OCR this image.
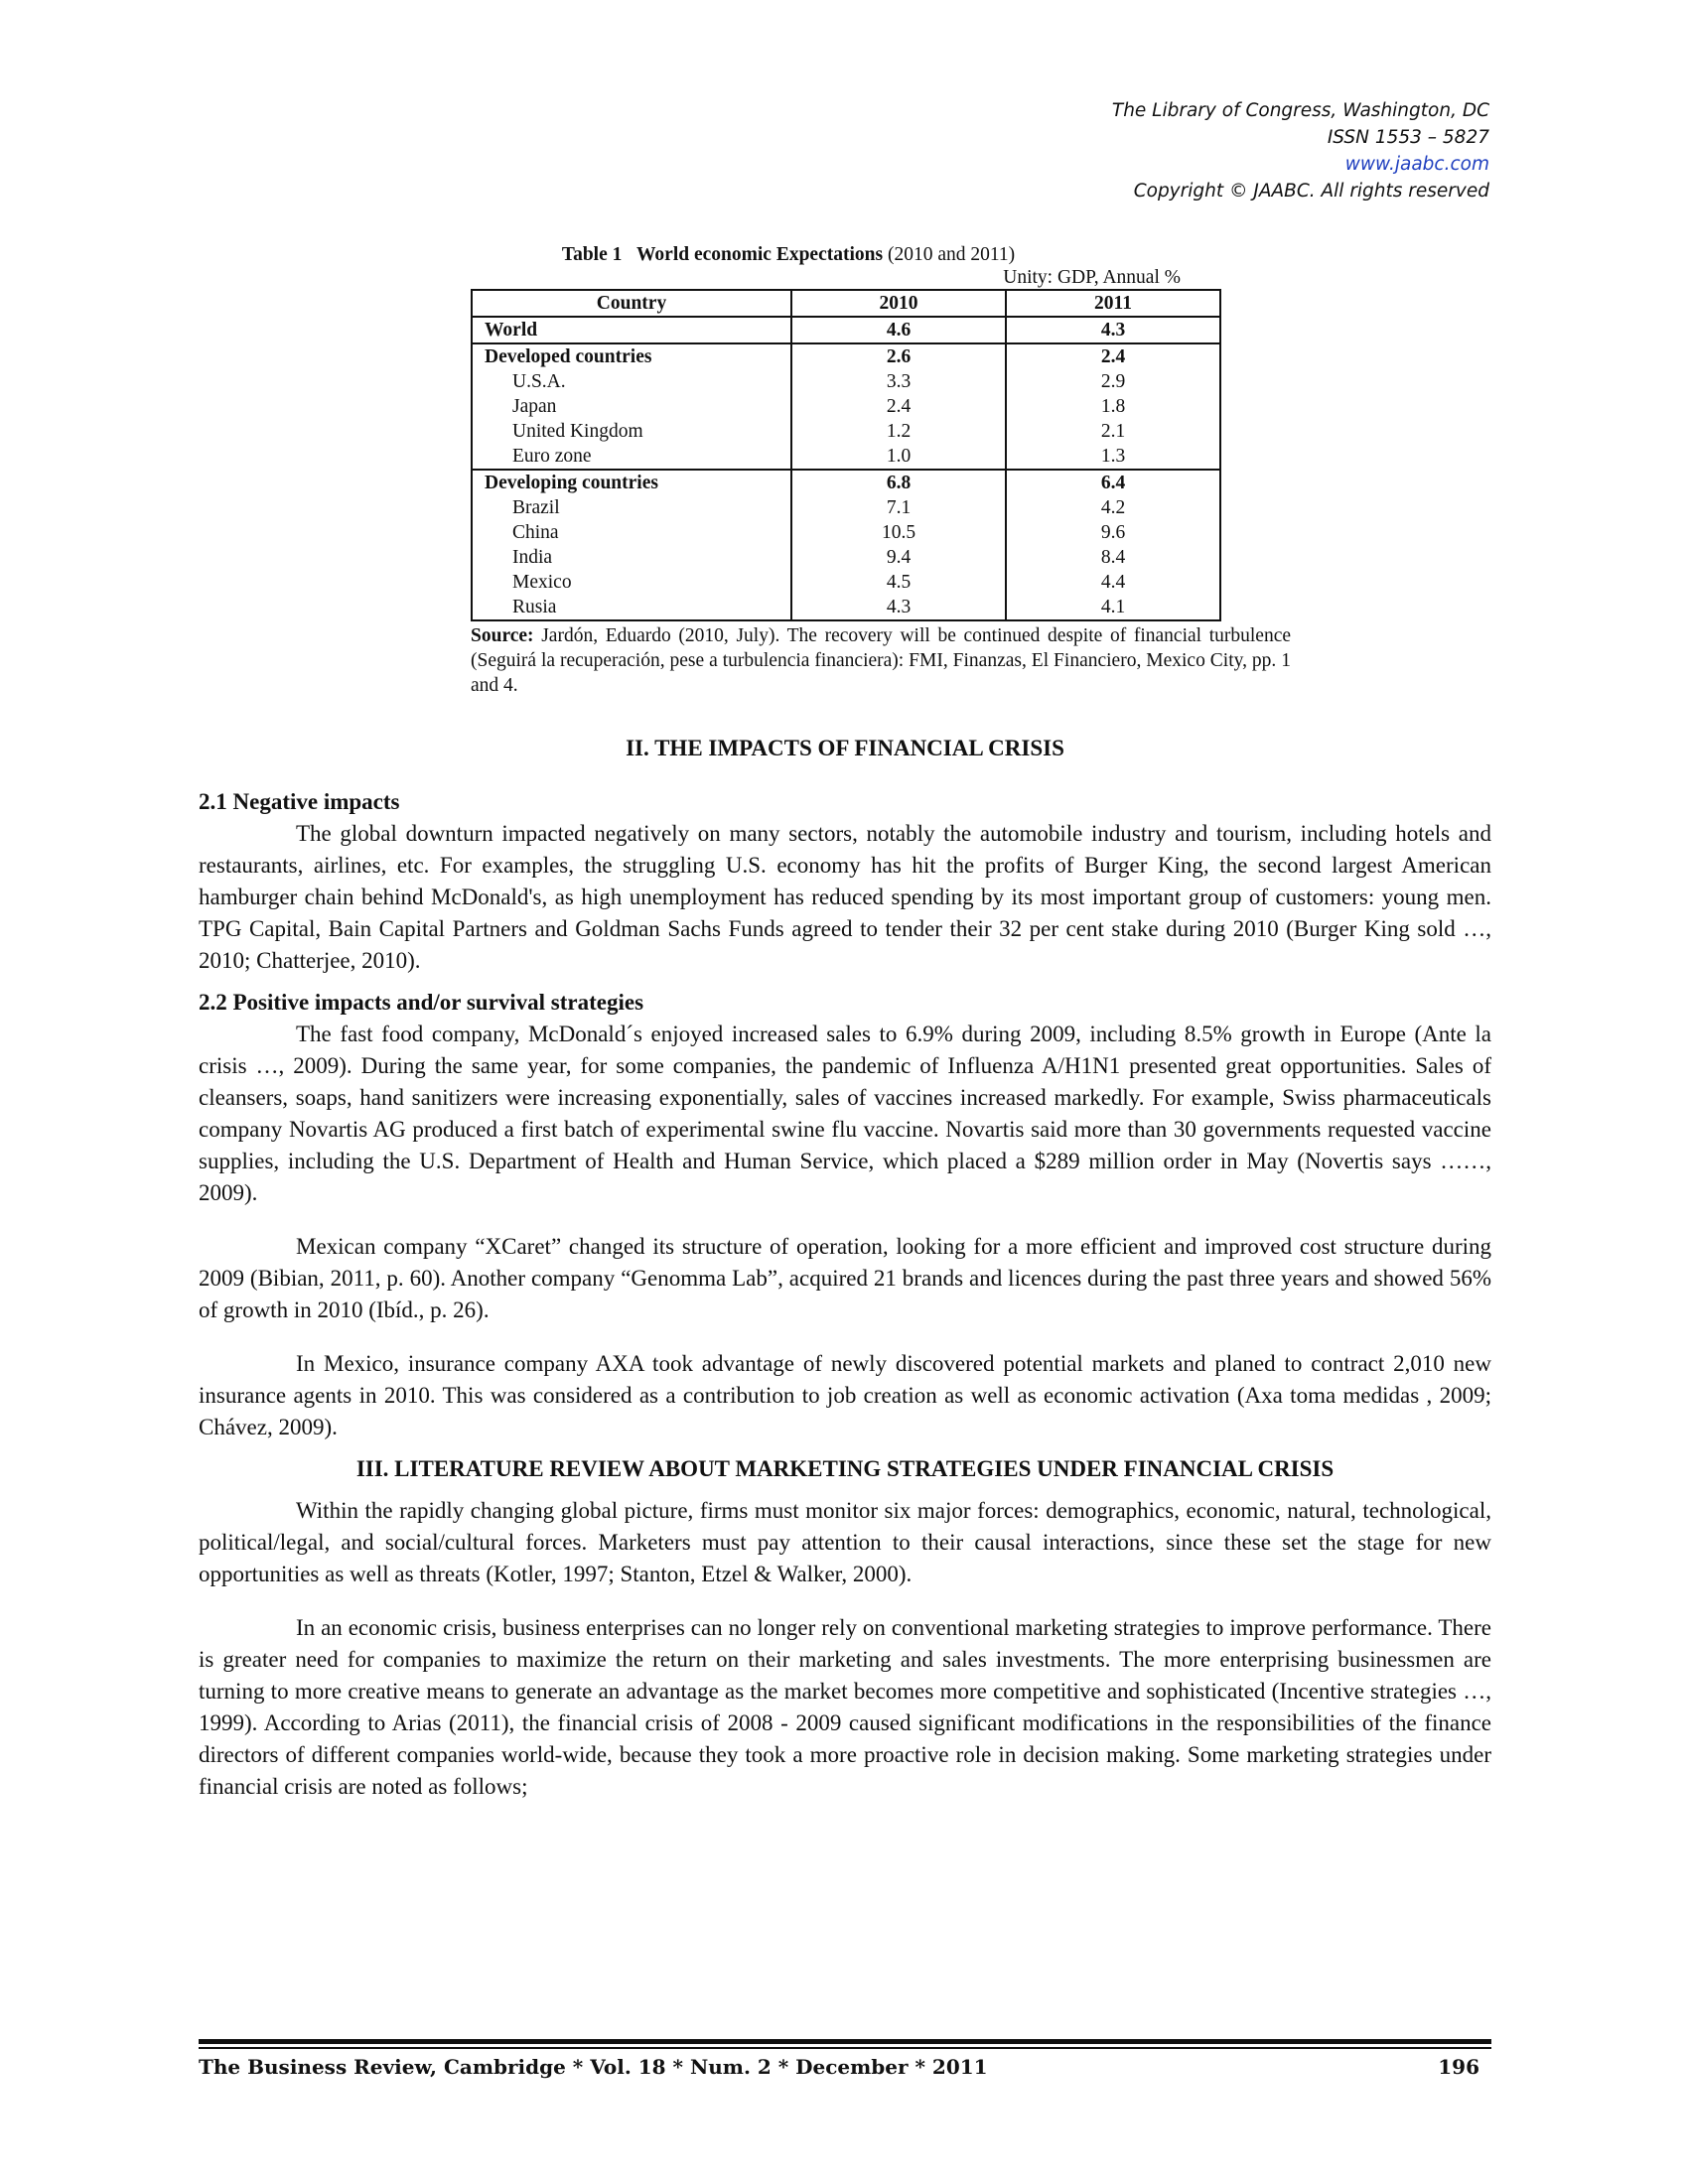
The Library of Congress, Washington, DC
ISSN 1553 – 5827
www.jaabc.com
Copyright © JAABC. All rights reserved
Table 1 World economic Expectations (2010 and 2011)
Unity: GDP, Annual %
Country	2010	2011
World	4.6	4.3
Developed countries	2.6	2.4
U.S.A.	3.3	2.9
Japan	2.4	1.8
United Kingdom	1.2	2.1
Euro zone	1.0	1.3
Developing countries	6.8	6.4
Brazil	7.1	4.2
China	10.5	9.6
India	9.4	8.4
Mexico	4.5	4.4
Rusia	4.3	4.1
Source: Jardón, Eduardo (2010, July). The recovery will be continued despite of financial turbulence (Seguirá la recuperación, pese a turbulencia financiera): FMI, Finanzas, El Financiero, Mexico City, pp. 1 and 4.

II. THE IMPACTS OF FINANCIAL CRISIS

2.1 Negative impacts

The global downturn impacted negatively on many sectors, notably the automobile industry and tourism, including hotels and restaurants, airlines, etc. For examples, the struggling U.S. economy has hit the profits of Burger King, the second largest American hamburger chain behind McDonald's, as high unemployment has reduced spending by its most important group of customers: young men. TPG Capital, Bain Capital Partners and Goldman Sachs Funds agreed to tender their 32 per cent stake during 2010 (Burger King sold …, 2010; Chatterjee, 2010).

2.2 Positive impacts and/or survival strategies

The fast food company, McDonald´s enjoyed increased sales to 6.9% during 2009, including 8.5% growth in Europe (Ante la crisis …, 2009). During the same year, for some companies, the pandemic of Influenza A/H1N1 presented great opportunities. Sales of cleansers, soaps, hand sanitizers were increasing exponentially, sales of vaccines increased markedly. For example, Swiss pharmaceuticals company Novartis AG produced a first batch of experimental swine flu vaccine. Novartis said more than 30 governments requested vaccine supplies, including the U.S. Department of Health and Human Service, which placed a $289 million order in May (Novertis says ……, 2009).

Mexican company “XCaret” changed its structure of operation, looking for a more efficient and improved cost structure during 2009 (Bibian, 2011, p. 60). Another company “Genomma Lab”, acquired 21 brands and licences during the past three years and showed 56% of growth in 2010 (Ibíd., p. 26).

In Mexico, insurance company AXA took advantage of newly discovered potential markets and planed to contract 2,010 new insurance agents in 2010. This was considered as a contribution to job creation as well as economic activation (Axa toma medidas , 2009; Chávez, 2009).

III. LITERATURE REVIEW ABOUT MARKETING STRATEGIES UNDER FINANCIAL CRISIS

Within the rapidly changing global picture, firms must monitor six major forces: demographics, economic, natural, technological, political/legal, and social/cultural forces. Marketers must pay attention to their causal interactions, since these set the stage for new opportunities as well as threats (Kotler, 1997; Stanton, Etzel & Walker, 2000).

In an economic crisis, business enterprises can no longer rely on conventional marketing strategies to improve performance. There is greater need for companies to maximize the return on their marketing and sales investments. The more enterprising businessmen are turning to more creative means to generate an advantage as the market becomes more competitive and sophisticated (Incentive strategies …, 1999). According to Arias (2011), the financial crisis of 2008 - 2009 caused significant modifications in the responsibilities of the finance directors of different companies world-wide, because they took a more proactive role in decision making. Some marketing strategies under financial crisis are noted as follows;

The Business Review, Cambridge * Vol. 18 * Num. 2 * December * 2011	196
